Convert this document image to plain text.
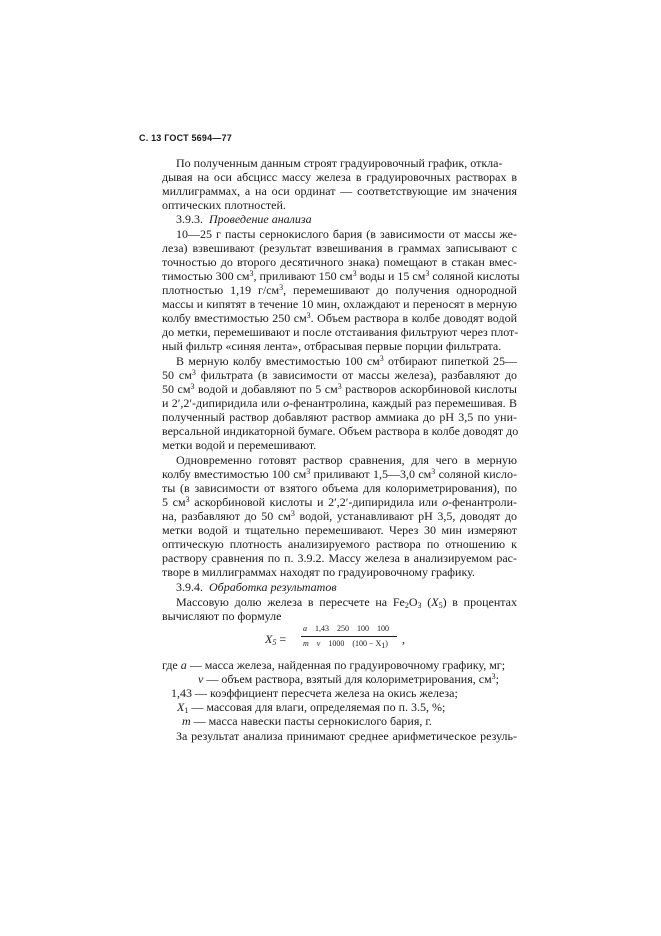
С. 13 ГОСТ 5694—77
По полученным данным строят градуировочный график, откла-
дывая на оси абсцисс массу железа в градуировочных растворах в
миллиграммах, а на оси ординат — соответствующие им значения
оптических плотностей.
3.9.3. Проведение анализа
10—25 г пасты сернокислого бария (в зависимости от массы же-
леза) взвешивают (результат взвешивания в граммах записывают с
точностью до второго десятичного знака) помещают в стакан вмес-
тимостью 300 $см^3$, приливают 150 $см^3$ воды и 15 $см^3$ соляной кислоты
плотностью 1,19 $г/см^3$, перемешивают до получения однородной
массы и кипятят в течение 10 мин, охлаждают и переносят в мерную
колбу вместимостью 250 $см^3$. Объем раствора в колбе доводят водой
до метки, перемешивают и после отстаивания фильтруют через плот-
ный фильтр «синяя лента», отбрасывая первые порции фильтрата.
В мерную колбу вместимостью 100 $см^3$ отбирают пипеткой 25—
50 $см^3$ фильтрата (в зависимости от массы железа), разбавляют до
50 $см^3$ водой и добавляют по 5 $см^3$ растворов аскорбиновой кислоты
и 2′,2′-дипиридила или о-фенантролина, каждый раз перемешивая. В
полученный раствор добавляют раствор аммиака до pH 3,5 по уни-
версальной индикаторной бумаге. Объем раствора в колбе доводят до
метки водой и перемешивают.
Одновременно готовят раствор сравнения, для чего в мерную
колбу вместимостью 100 $см^3$ приливают 1,5—3,0 $см^3$ соляной кисло-
ты (в зависимости от взятого объема для колориметрирования), по
5 $см^3$ аскорбиновой кислоты и 2′,2′-дипиридила или о-фенантроли-
на, разбавляют до 50 $см^3$ водой, устанавливают pH 3,5, доводят до
метки водой и тщательно перемешивают. Через 30 мин измеряют
оптическую плотность анализируемого раствора по отношению к
раствору сравнения по п. 3.9.2. Массу железа в анализируемом рас-
творе в миллиграммах находят по градуировочному графику.
3.9.4. Обработка результатов
Массовую долю железа в пересчете на $Fe_2O_3$ $(X_5)$ в процентах
вычисляют по формуле
$X_5$ =
a 1,43 250 100 100
m v 1000 $(100 - X_1)$ ,
где a — масса железа, найденная по градуировочному графику, мг;
v — объем раствора, взятый для колориметрирования, $см^3$;
1,43 — коэффициент пересчета железа на окись железа;
$X_1$ — массовая для влаги, определяемая по п. 3.5, %;
m — масса навески пасты сернокислого бария, г.
За результат анализа принимают среднее арифметическое резуль-
